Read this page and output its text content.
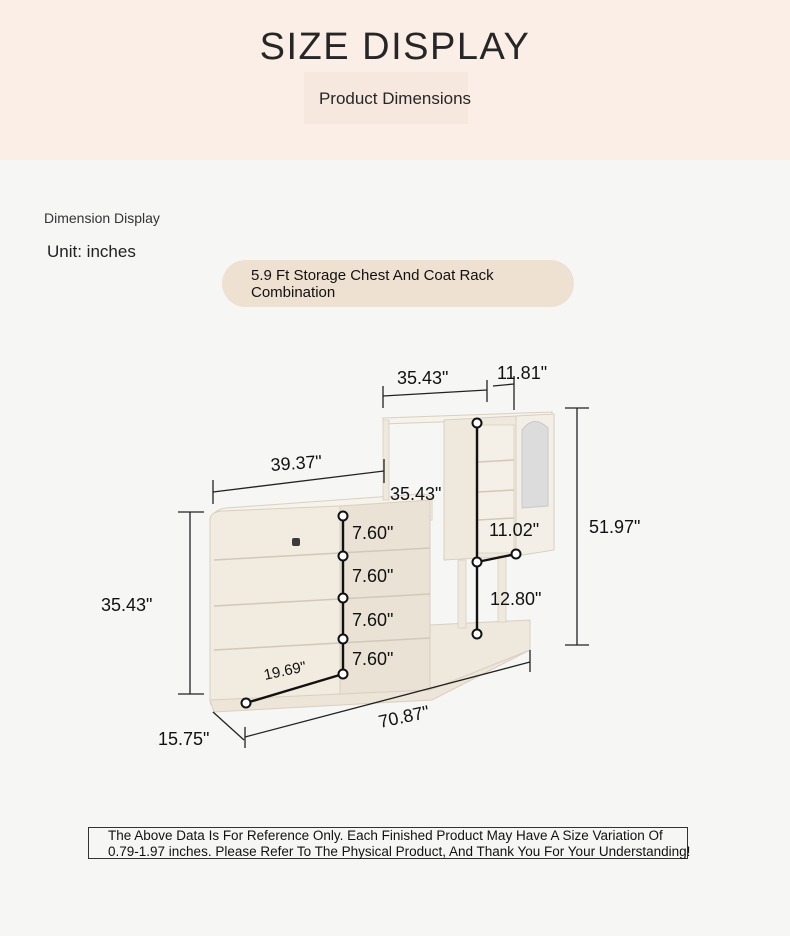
SIZE DISPLAY
Product Dimensions
Dimension Display
Unit: inches
5.9 Ft Storage Chest And Coat Rack Combination
35.43"	11.81"
39.37"
35.43"
7.60"
7.60"
7.60"
7.60"
11.02"	51.97"
35.43"	12.80"
19.69"
15.75"
70.87"
The Above Data Is For Reference Only. Each Finished Product May Have A Size Variation Of
0.79-1.97 inches. Please Refer To The Physical Product, And Thank You For Your Understanding!
